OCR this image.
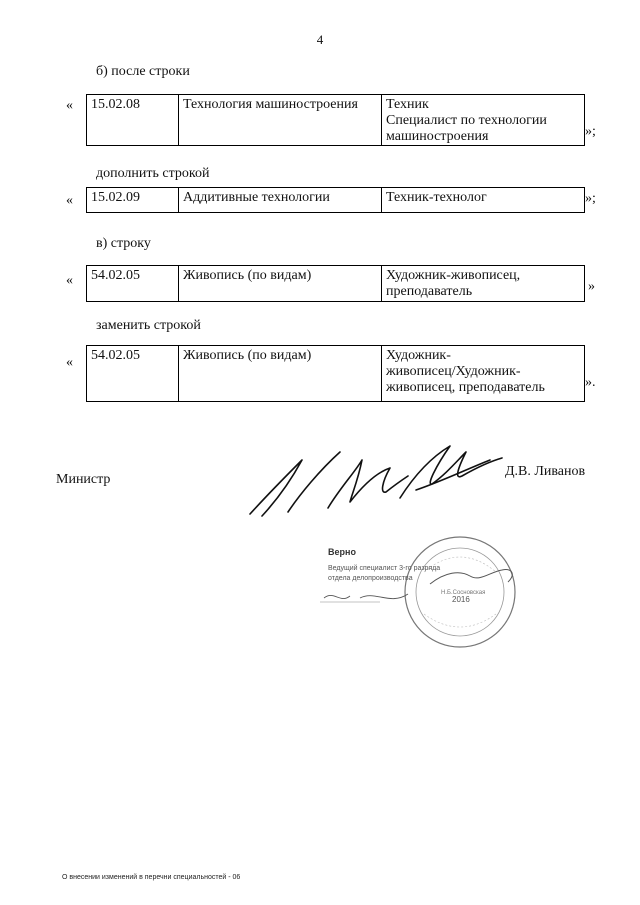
4
б) после строки
« 15.02.08	Технология машиностроения	Техник
Специалист по технологии машиностроения	»;
дополнить строкой
« 15.02.09	Аддитивные технологии	Техник-технолог	»;
в) строку
« 54.02.05	Живопись (по видам)	Художник-живописец,
преподаватель	»
заменить строкой
« 54.02.05	Живопись (по видам)	Художник-
живописец/Художник-
живописец, преподаватель	».
Министр
Д.В. Ливанов
Верно
Ведущий специалист 3-го разряда
отдела делопроизводства
Н.Б.Сосновская
2016
О внесении изменений в перечни специальностей - 06
